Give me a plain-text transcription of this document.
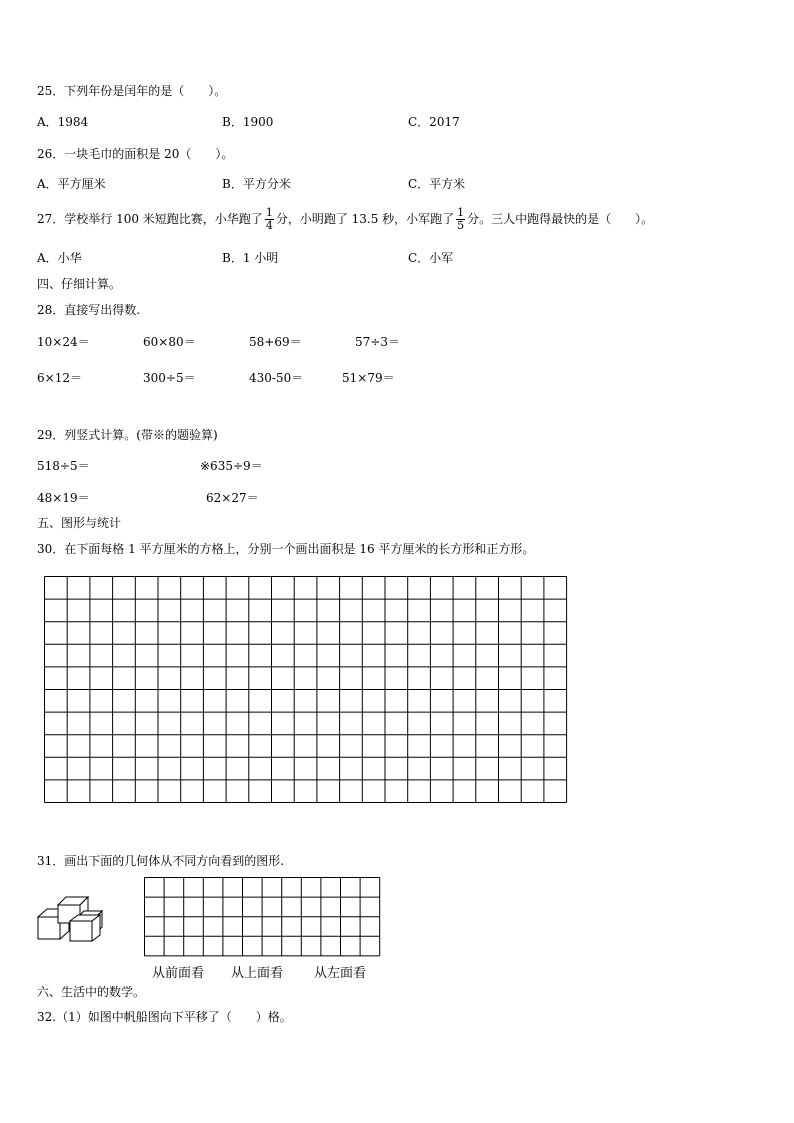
25．下列年份是闰年的是（　　）。
A．1984	B．1900	C．2017
26．一块毛巾的面积是 20（　　）。
A．平方厘米	B．平方分米	C．平方米
27．学校举行 100 米短跑比赛，小华跑了 $\frac{1}{4}$ 分，小明跑了 13.5 秒，小军跑了 $\frac{1}{5}$ 分。三人中跑得最快的是（　　）。
A．小华	B．1 小明	C．小军
四、仔细计算。
28．直接写出得数.
10×24＝	60×80＝	58+69＝	57÷3＝
6×12＝	300÷5＝	430-50＝	51×79＝
29．列竖式计算。(带※的题验算)
518÷5＝	※635÷9＝
48×19＝	62×27＝
五、图形与统计
30．在下面每格 1 平方厘米的方格上，分别一个画出面积是 16 平方厘米的长方形和正方形。
31．画出下面的几何体从不同方向看到的图形.
从前面看 从上面看 从左面看
六、生活中的数学。
32.（1）如图中帆船图向下平移了（　　）格。
